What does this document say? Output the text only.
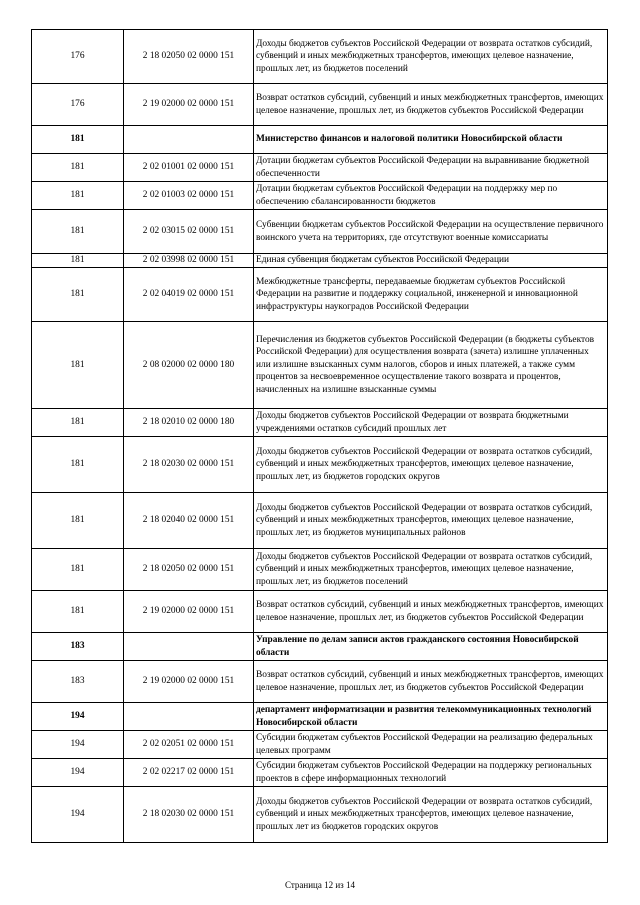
176	2 18 02050 02 0000 151	Доходы бюджетов субъектов Российской Федерации от возврата остатков субсидий, субвенций и иных межбюджетных трансфертов, имеющих целевое назначение, прошлых лет, из бюджетов поселений
176	2 19 02000 02 0000 151	Возврат остатков субсидий, субвенций и иных межбюджетных трансфертов, имеющих целевое назначение, прошлых лет, из бюджетов субъектов Российской Федерации
181		Министерство финансов и налоговой политики Новосибирской области
181	2 02 01001 02 0000 151	Дотации бюджетам субъектов Российской Федерации на выравнивание бюджетной обеспеченности
181	2 02 01003 02 0000 151	Дотации бюджетам субъектов Российской Федерации на поддержку мер по обеспечению сбалансированности бюджетов
181	2 02 03015 02 0000 151	Субвенции бюджетам субъектов Российской Федерации на осуществление первичного воинского учета на территориях, где отсутствуют военные комиссариаты
181	2 02 03998 02 0000 151	Единая субвенция бюджетам субъектов Российской Федерации
181	2 02 04019 02 0000 151	Межбюджетные трансферты, передаваемые бюджетам субъектов Российской Федерации на развитие и поддержку социальной, инженерной и инновационной инфраструктуры наукоградов Российской Федерации
181	2 08 02000 02 0000 180	Перечисления из бюджетов субъектов Российской Федерации (в бюджеты субъектов Российской Федерации) для осуществления возврата (зачета) излишне уплаченных или излишне взысканных сумм налогов, сборов и иных платежей, а также сумм процентов за несвоевременное осуществление такого возврата и процентов, начисленных на излишне взысканные суммы
181	2 18 02010 02 0000 180	Доходы бюджетов субъектов Российской Федерации от возврата бюджетными учреждениями остатков субсидий прошлых лет
181	2 18 02030 02 0000 151	Доходы бюджетов субъектов Российской Федерации от возврата остатков субсидий, субвенций и иных межбюджетных трансфертов, имеющих целевое назначение, прошлых лет, из бюджетов городских округов
181	2 18 02040 02 0000 151	Доходы бюджетов субъектов Российской Федерации от возврата остатков субсидий, субвенций и иных межбюджетных трансфертов, имеющих целевое назначение, прошлых лет, из бюджетов муниципальных районов
181	2 18 02050 02 0000 151	Доходы бюджетов субъектов Российской Федерации от возврата остатков субсидий, субвенций и иных межбюджетных трансфертов, имеющих целевое назначение, прошлых лет, из бюджетов поселений
181	2 19 02000 02 0000 151	Возврат остатков субсидий, субвенций и иных межбюджетных трансфертов, имеющих целевое назначение, прошлых лет, из бюджетов субъектов Российской Федерации
183		Управление по делам записи актов гражданского состояния Новосибирской области
183	2 19 02000 02 0000 151	Возврат остатков субсидий, субвенций и иных межбюджетных трансфертов, имеющих целевое назначение, прошлых лет, из бюджетов субъектов Российской Федерации
194		департамент информатизации и развития телекоммуникационных технологий Новосибирской области
194	2 02 02051 02 0000 151	Субсидии бюджетам субъектов Российской Федерации на реализацию федеральных целевых программ
194	2 02 02217 02 0000 151	Субсидии бюджетам субъектов Российской Федерации на поддержку региональных проектов в сфере информационных технологий
194	2 18 02030 02 0000 151	Доходы бюджетов субъектов Российской Федерации от возврата остатков субсидий, субвенций и иных межбюджетных трансфертов, имеющих целевое назначение, прошлых лет из бюджетов городских округов
Страница 12 из 14
